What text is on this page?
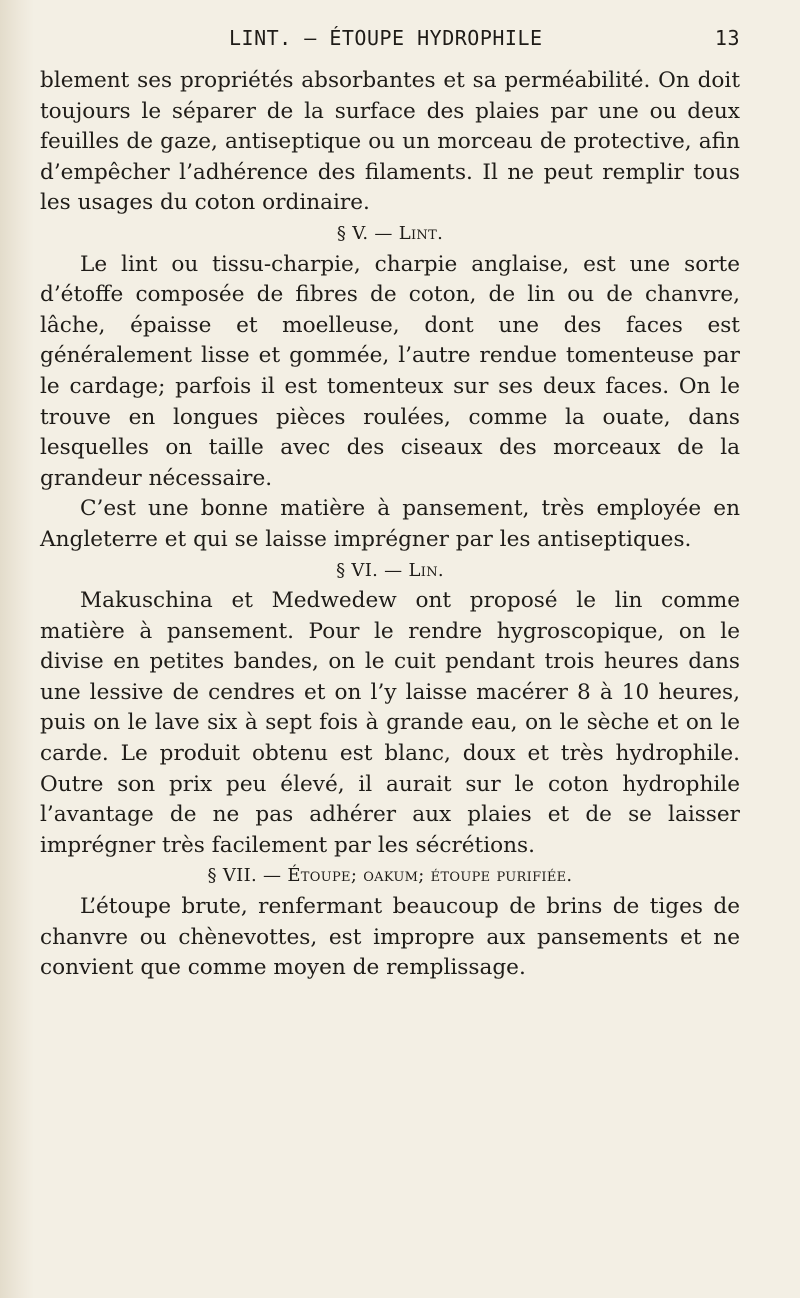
LINT. — ÉTOUPE HYDROPHILE	13

blement ses propriétés absorbantes et sa perméabilité. On doit toujours le séparer de la surface des plaies par une ou deux feuilles de gaze, antiseptique ou un morceau de protective, afin d’empêcher l’adhérence des filaments. Il ne peut remplir tous les usages du coton ordinaire.

§ V. — Lint.

Le lint ou tissu-charpie, charpie anglaise, est une sorte d’étoffe composée de fibres de coton, de lin ou de chanvre, lâche, épaisse et moelleuse, dont une des faces est généralement lisse et gommée, l’autre rendue tomenteuse par le cardage; parfois il est tomenteux sur ses deux faces. On le trouve en longues pièces roulées, comme la ouate, dans lesquelles on taille avec des ciseaux des morceaux de la grandeur nécessaire.

C’est une bonne matière à pansement, très employée en Angleterre et qui se laisse imprégner par les antiseptiques.

§ VI. — Lin.

Makuschina et Medwedew ont proposé le lin comme matière à pansement. Pour le rendre hygroscopique, on le divise en petites bandes, on le cuit pendant trois heures dans une lessive de cendres et on l’y laisse macérer 8 à 10 heures, puis on le lave six à sept fois à grande eau, on le sèche et on le carde. Le produit obtenu est blanc, doux et très hydrophile. Outre son prix peu élevé, il aurait sur le coton hydrophile l’avantage de ne pas adhérer aux plaies et de se laisser imprégner très facilement par les sécrétions.

§ VII. — Étoupe; oakum; étoupe purifiée.

L’étoupe brute, renfermant beaucoup de brins de tiges de chanvre ou chènevottes, est impropre aux pansements et ne convient que comme moyen de remplissage.
